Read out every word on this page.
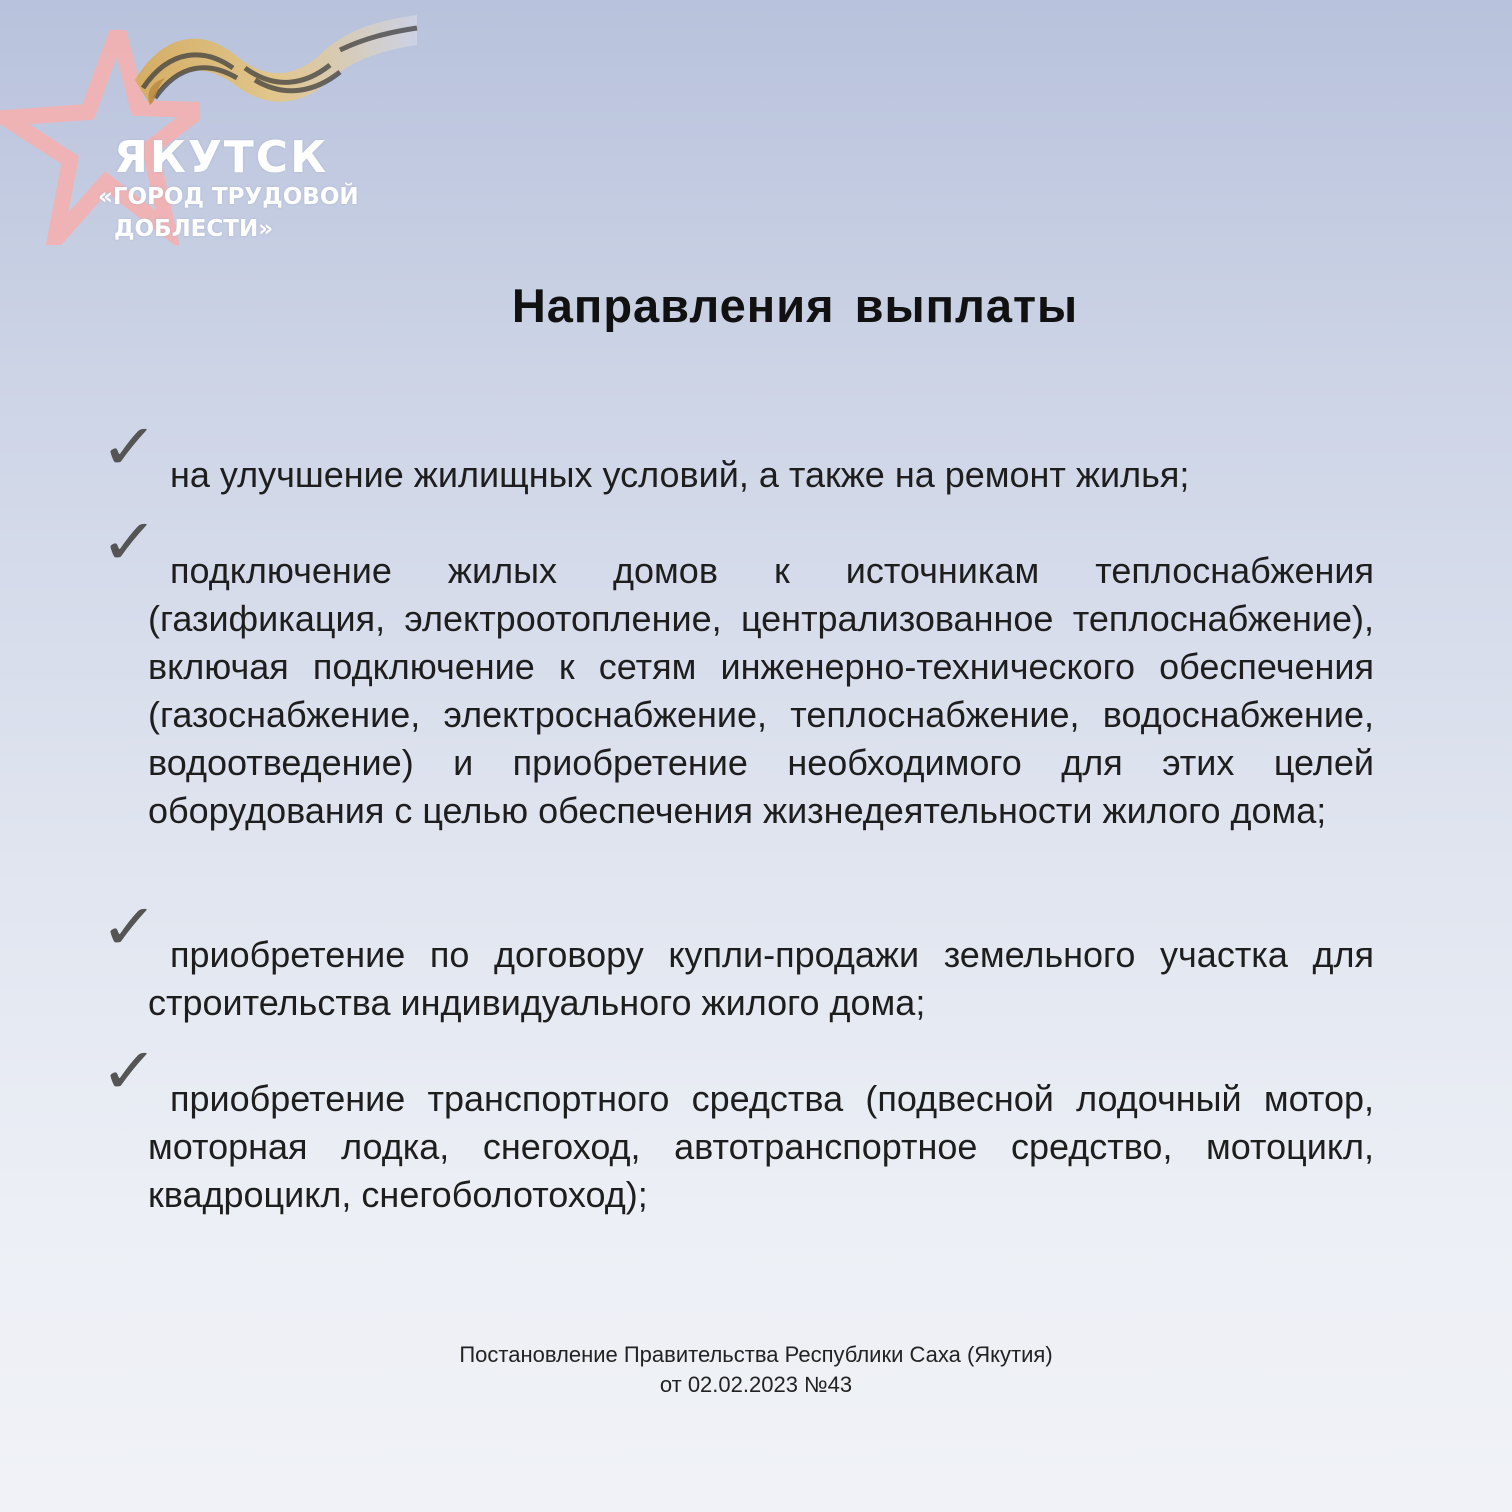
ЯКУТСК
«ГОРОД ТРУДОВОЙ
ДОБЛЕСТИ»
Направления выплаты
✓ на улучшение жилищных условий, а также на ремонт жилья;
✓ подключение жилых домов к источникам теплоснабжения (газификация, электроотопление, централизованное теплоснабжение), включая подключение к сетям инженерно-технического обеспечения (газоснабжение, электроснабжение, теплоснабжение, водоснабжение, водоотведение) и приобретение необходимого для этих целей оборудования с целью обеспечения жизнедеятельности жилого дома;
✓ приобретение по договору купли-продажи земельного участка для строительства индивидуального жилого дома;
✓ приобретение транспортного средства (подвесной лодочный мотор, моторная лодка, снегоход, автотранспортное средство, мотоцикл, квадроцикл, снегоболотоход);
Постановление Правительства Республики Саха (Якутия)
от 02.02.2023 №43
